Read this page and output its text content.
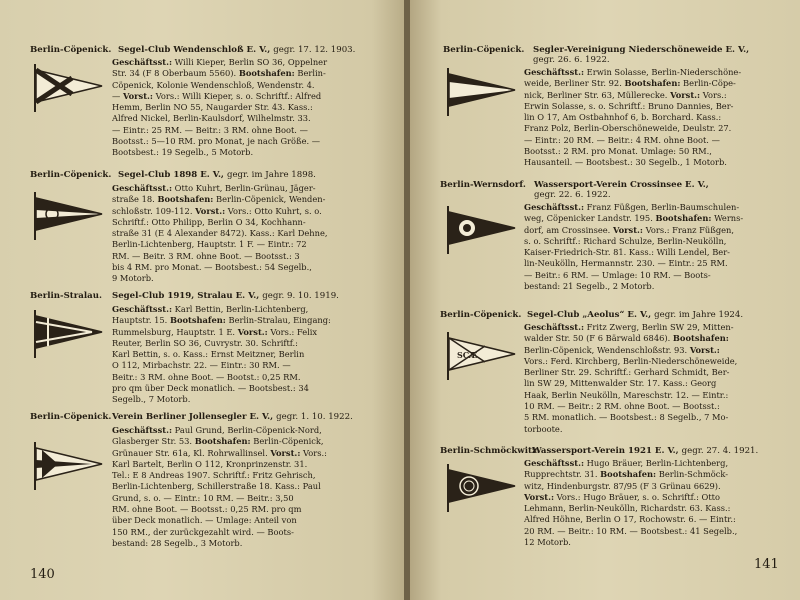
Berlin-Cöpenick. Segel-Club Wendenschloß E. V., gegr. 17. 12. 1903.
Geschäftsst.: Willi Kieper, Berlin SO 36, Oppelner
Str. 34 (F 8 Oberbaum 5560). Bootshafen: Berlin-
Cöpenick, Kolonie Wendenschloß, Wendenstr. 4.
— Vorst.: Vors.: Willi Kieper, s. o. Schriftf.: Alfred
Hemm, Berlin NO 55, Naugarder Str. 43. Kass.:
Alfred Nickel, Berlin-Kaulsdorf, Wilhelmstr. 33.
— Eintr.: 25 RM. — Beitr.: 3 RM. ohne Boot. —
Bootsst.: 5—10 RM. pro Monat, je nach Größe. —
Bootsbest.: 19 Segelb., 5 Motorb.
Berlin-Cöpenick. Segel-Club 1898 E. V., gegr. im Jahre 1898.
Geschäftsst.: Otto Kuhrt, Berlin-Grünau, Jäger-
straße 18. Bootshafen: Berlin-Cöpenick, Wenden-
schloßstr. 109-112. Vorst.: Vors.: Otto Kuhrt, s. o.
Schriftf.: Otto Philipp, Berlin O 34, Kochhann-
straße 31 (E 4 Alexander 8472). Kass.: Karl Dehne,
Berlin-Lichtenberg, Hauptstr. 1 F. — Eintr.: 72
RM. — Beitr. 3 RM. ohne Boot. — Bootsst.: 3
bis 4 RM. pro Monat. — Bootsbest.: 54 Segelb.,
9 Motorb.
Berlin-Stralau. Segel-Club 1919, Stralau E. V., gegr. 9. 10. 1919.
Geschäftsst.: Karl Bettin, Berlin-Lichtenberg,
Hauptstr. 15. Bootshafen: Berlin-Stralau, Eingang:
Rummelsburg, Hauptstr. 1 E. Vorst.: Vors.: Felix
Reuter, Berlin SO 36, Cuvrystr. 30. Schriftf.:
Karl Bettin, s. o. Kass.: Ernst Meitzner, Berlin
O 112, Mirbachstr. 22. — Eintr.: 30 RM. —
Beitr.: 3 RM. ohne Boot. — Bootst.: 0,25 RM.
pro qm über Deck monatlich. — Bootsbest.: 34
Segelb., 7 Motorb.
Berlin-Cöpenick. Verein Berliner Jollensegler E. V., gegr. 1. 10. 1922.
Geschäftsst.: Paul Grund, Berlin-Cöpenick-Nord,
Glasberger Str. 53. Bootshafen: Berlin-Cöpenick,
Grünauer Str. 61a, Kl. Rohrwallinsel. Vorst.: Vors.:
Karl Bartelt, Berlin O 112, Kronprinzenstr. 31.
Tel.: E 8 Andreas 1907. Schriftf.: Fritz Gehrisch,
Berlin-Lichtenberg, Schillerstraße 18. Kass.: Paul
Grund, s. o. — Eintr.: 10 RM. — Beitr.: 3,50
RM. ohne Boot. — Bootsst.: 0,25 RM. pro qm
über Deck monatlich. — Umlage: Anteil von
150 RM., der zurückgezahlt wird. — Boots-
bestand: 28 Segelb., 3 Motorb.
140
Berlin-Cöpenick. Segler-Vereinigung Niederschöneweide E. V.,
gegr. 26. 6. 1922.
Geschäftsst.: Erwin Solasse, Berlin-Niederschöne-
weide, Berliner Str. 92. Bootshafen: Berlin-Cöpe-
nick, Berliner Str. 63, Müllerecke. Vorst.: Vors.:
Erwin Solasse, s. o. Schriftf.: Bruno Dannies, Ber-
lin O 17, Am Ostbahnhof 6, b. Borchard. Kass.:
Franz Polz, Berlin-Oberschöneweide, Deulstr. 27.
— Eintr.: 20 RM. — Beitr.: 4 RM. ohne Boot. —
Bootsst.: 2 RM. pro Monat. Umlage: 50 RM.,
Hausanteil. — Bootsbest.: 30 Segelb., 1 Motorb.
Berlin-Wernsdorf. Wassersport-Verein Crossinsee E. V.,
gegr. 22. 6. 1922.
Geschäftsst.: Franz Füßgen, Berlin-Baumschulen-
weg, Cöpenicker Landstr. 195. Bootshafen: Werns-
dorf, am Crossinsee. Vorst.: Vors.: Franz Füßgen,
s. o. Schriftf.: Richard Schulze, Berlin-Neukölln,
Kaiser-Friedrich-Str. 81. Kass.: Willi Lendel, Ber-
lin-Neukölln, Hermannstr. 230. — Eintr.: 25 RM.
— Beitr.: 6 RM. — Umlage: 10 RM. — Boots-
bestand: 21 Segelb., 2 Motorb.
Berlin-Cöpenick. Segel-Club „Aeolus“ E. V., gegr. im Jahre 1924.
SCÆ
Geschäftsst.: Fritz Zwerg, Berlin SW 29, Mitten-
walder Str. 50 (F 6 Bärwald 6846). Bootshafen:
Berlin-Cöpenick, Wendenschloßstr. 93. Vorst.:
Vors.: Ferd. Kirchberg, Berlin-Niederschöneweide,
Berliner Str. 29. Schriftf.: Gerhard Schmidt, Ber-
lin SW 29, Mittenwalder Str. 17. Kass.: Georg
Haak, Berlin Neukölln, Mareschstr. 12. — Eintr.:
10 RM. — Beitr.: 2 RM. ohne Boot. — Bootsst.:
5 RM. monatlich. — Bootsbest.: 8 Segelb., 7 Mo-
torboote.
Berlin-Schmöckwitz.
Wassersport-Verein 1921 E. V., gegr. 27. 4. 1921.
Geschäftsst.: Hugo Bräuer, Berlin-Lichtenberg,
Rupprechtstr. 31. Bootshafen: Berlin-Schmöck-
witz, Hindenburgstr. 87/95 (F 3 Grünau 6629).
Vorst.: Vors.: Hugo Bräuer, s. o. Schriftf.: Otto
Lehmann, Berlin-Neukölln, Richardstr. 63. Kass.:
Alfred Höhne, Berlin O 17, Rochowstr. 6. — Eintr.:
20 RM. — Beitr.: 10 RM. — Bootsbest.: 41 Segelb.,
12 Motorb.
141
